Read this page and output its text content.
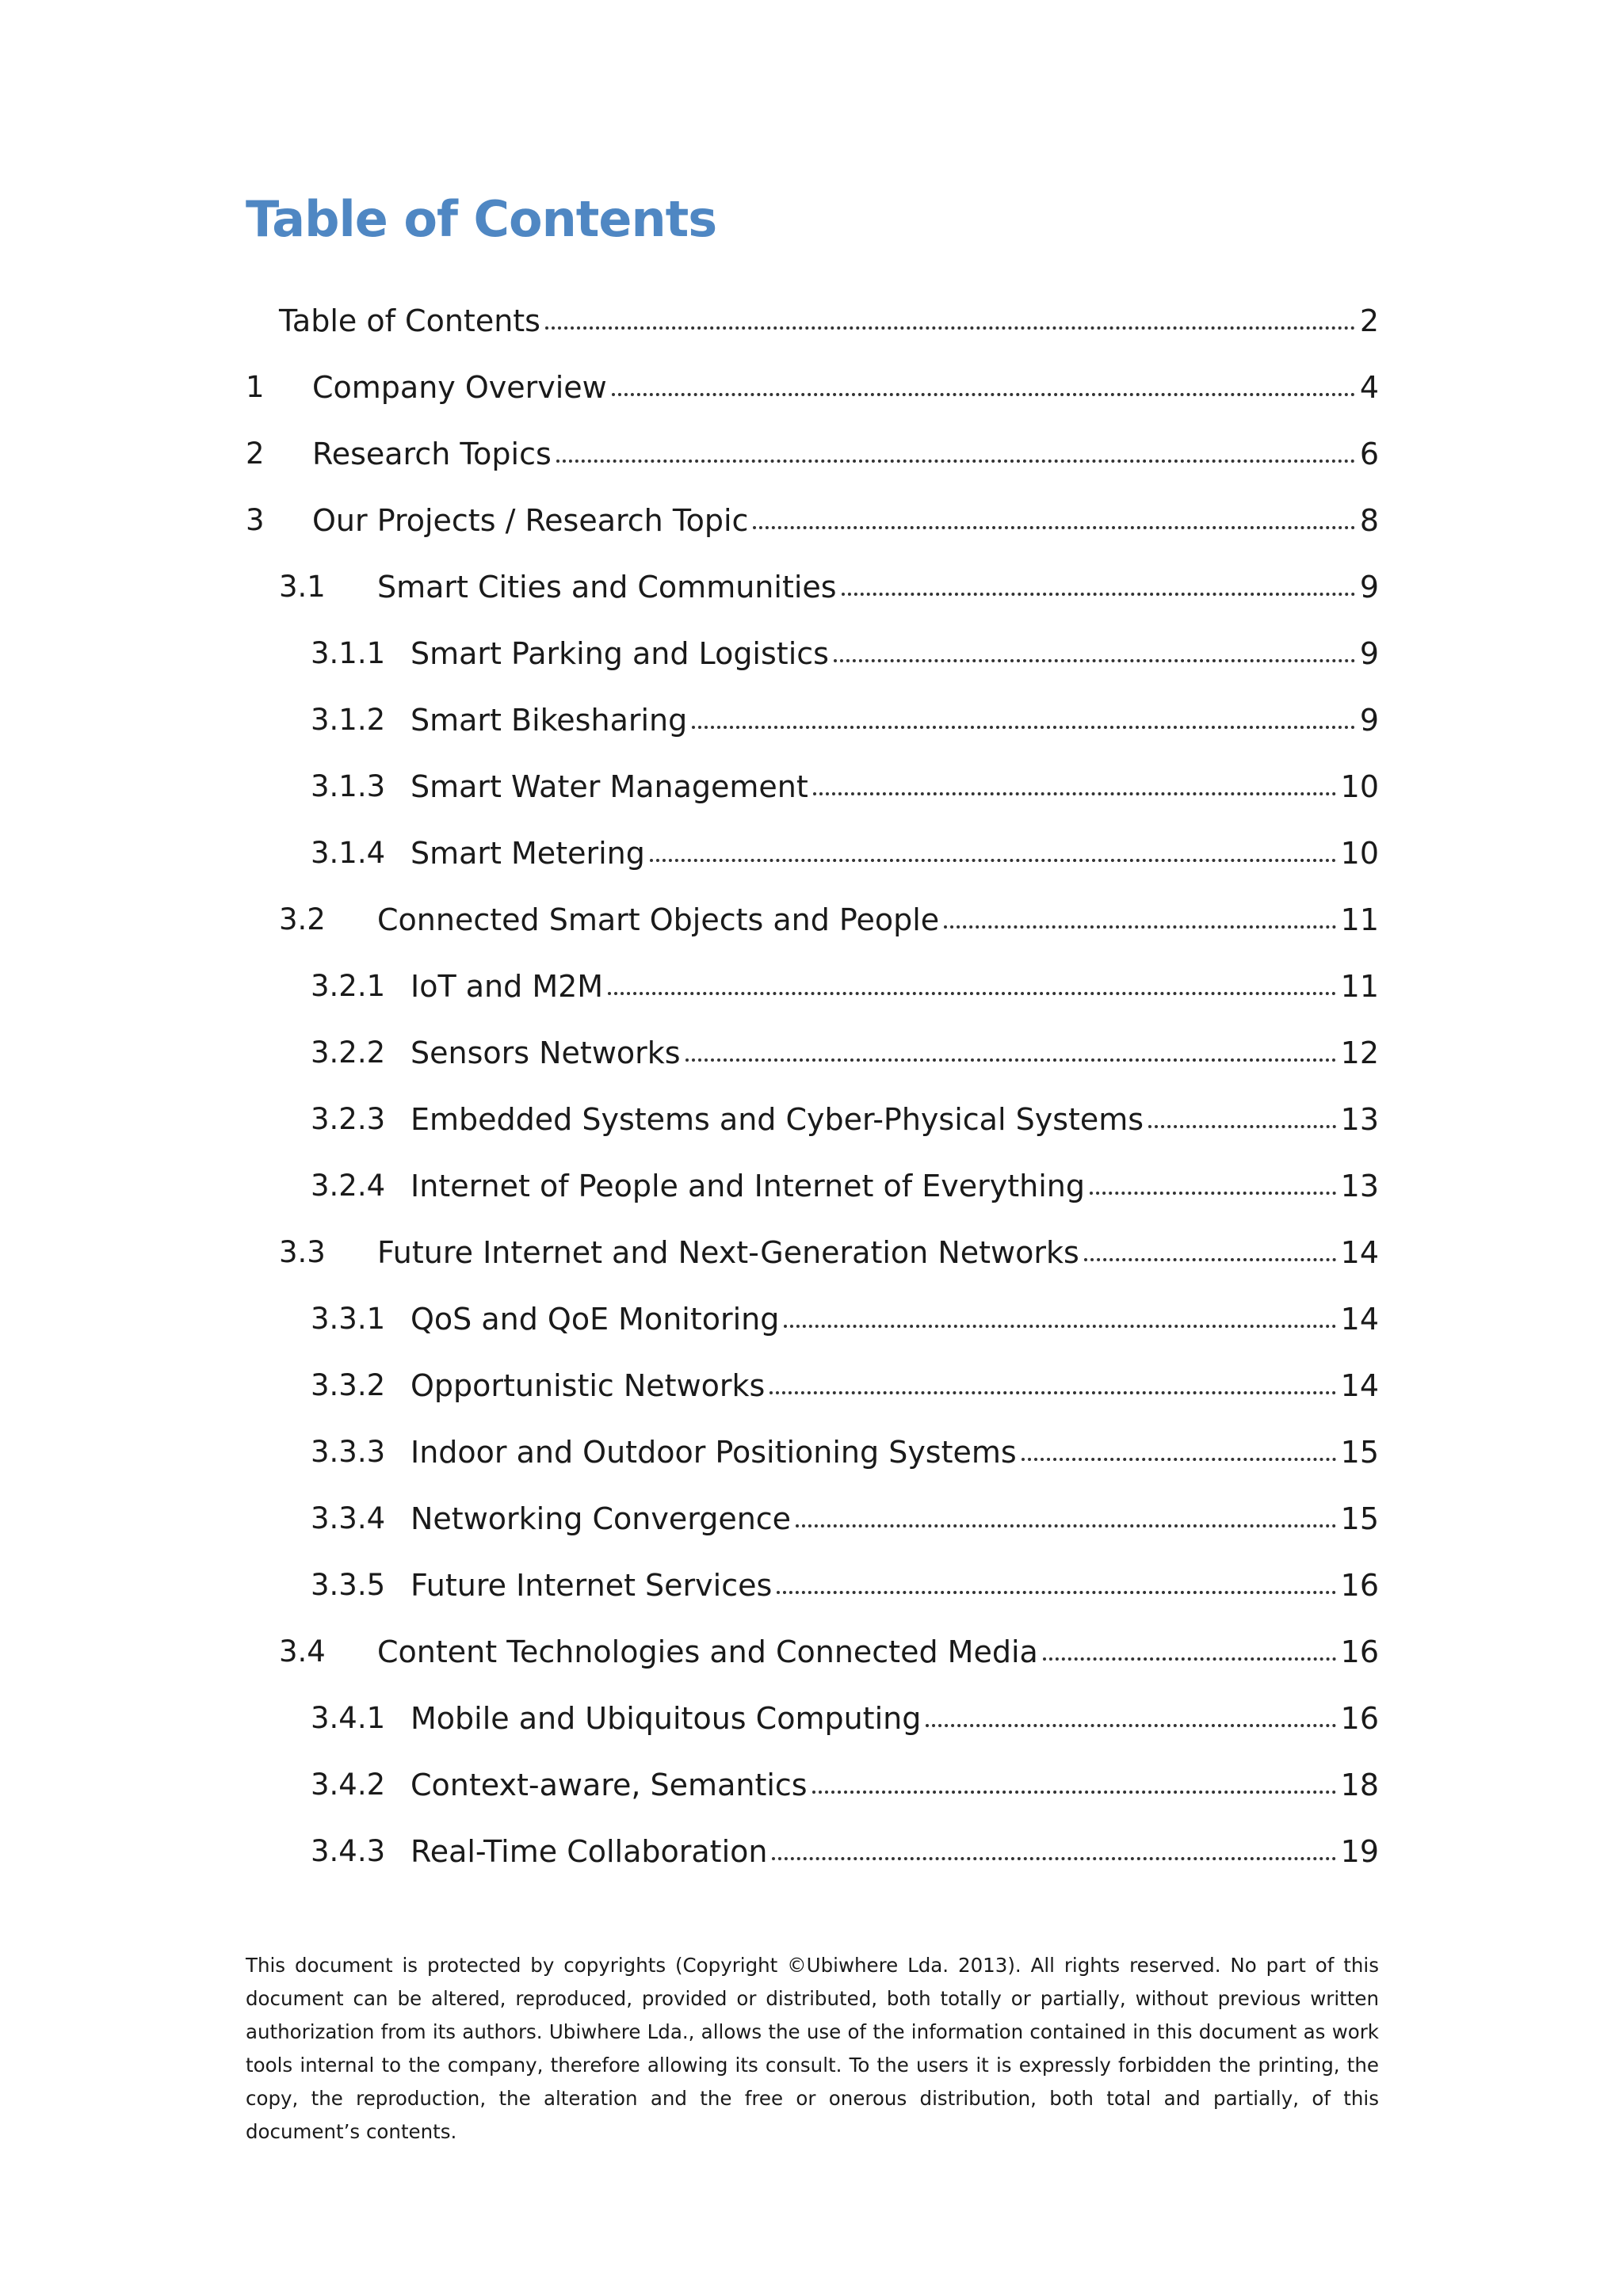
Table of Contents
Table of Contents	2
1	Company Overview	4
2	Research Topics	6
3	Our Projects / Research Topic	8
3.1	Smart Cities and Communities	9
3.1.1 Smart Parking and Logistics	9
3.1.2 Smart Bikesharing	9
3.1.3 Smart Water Management	10
3.1.4 Smart Metering	10
3.2	Connected Smart Objects and People	11
3.2.1 IoT and M2M	11
3.2.2 Sensors Networks	12
3.2.3 Embedded Systems and Cyber-Physical Systems	13
3.2.4 Internet of People and Internet of Everything	13
3.3	Future Internet and Next-Generation Networks	14
3.3.1 QoS and QoE Monitoring	14
3.3.2 Opportunistic Networks	14
3.3.3 Indoor and Outdoor Positioning Systems	15
3.3.4 Networking Convergence	15
3.3.5 Future Internet Services	16
3.4	Content Technologies and Connected Media	16
3.4.1 Mobile and Ubiquitous Computing	16
3.4.2 Context-aware, Semantics	18
3.4.3 Real-Time Collaboration	19

This document is protected by copyrights (Copyright ©Ubiwhere Lda. 2013). All rights reserved. No part of this document can be altered, reproduced, provided or distributed, both totally or partially, without previous written authorization from its authors. Ubiwhere Lda., allows the use of the information contained in this document as work tools internal to the company, therefore allowing its consult. To the users it is expressly forbidden the printing, the copy, the reproduction, the alteration and the free or onerous distribution, both total and partially, of this document’s contents.
